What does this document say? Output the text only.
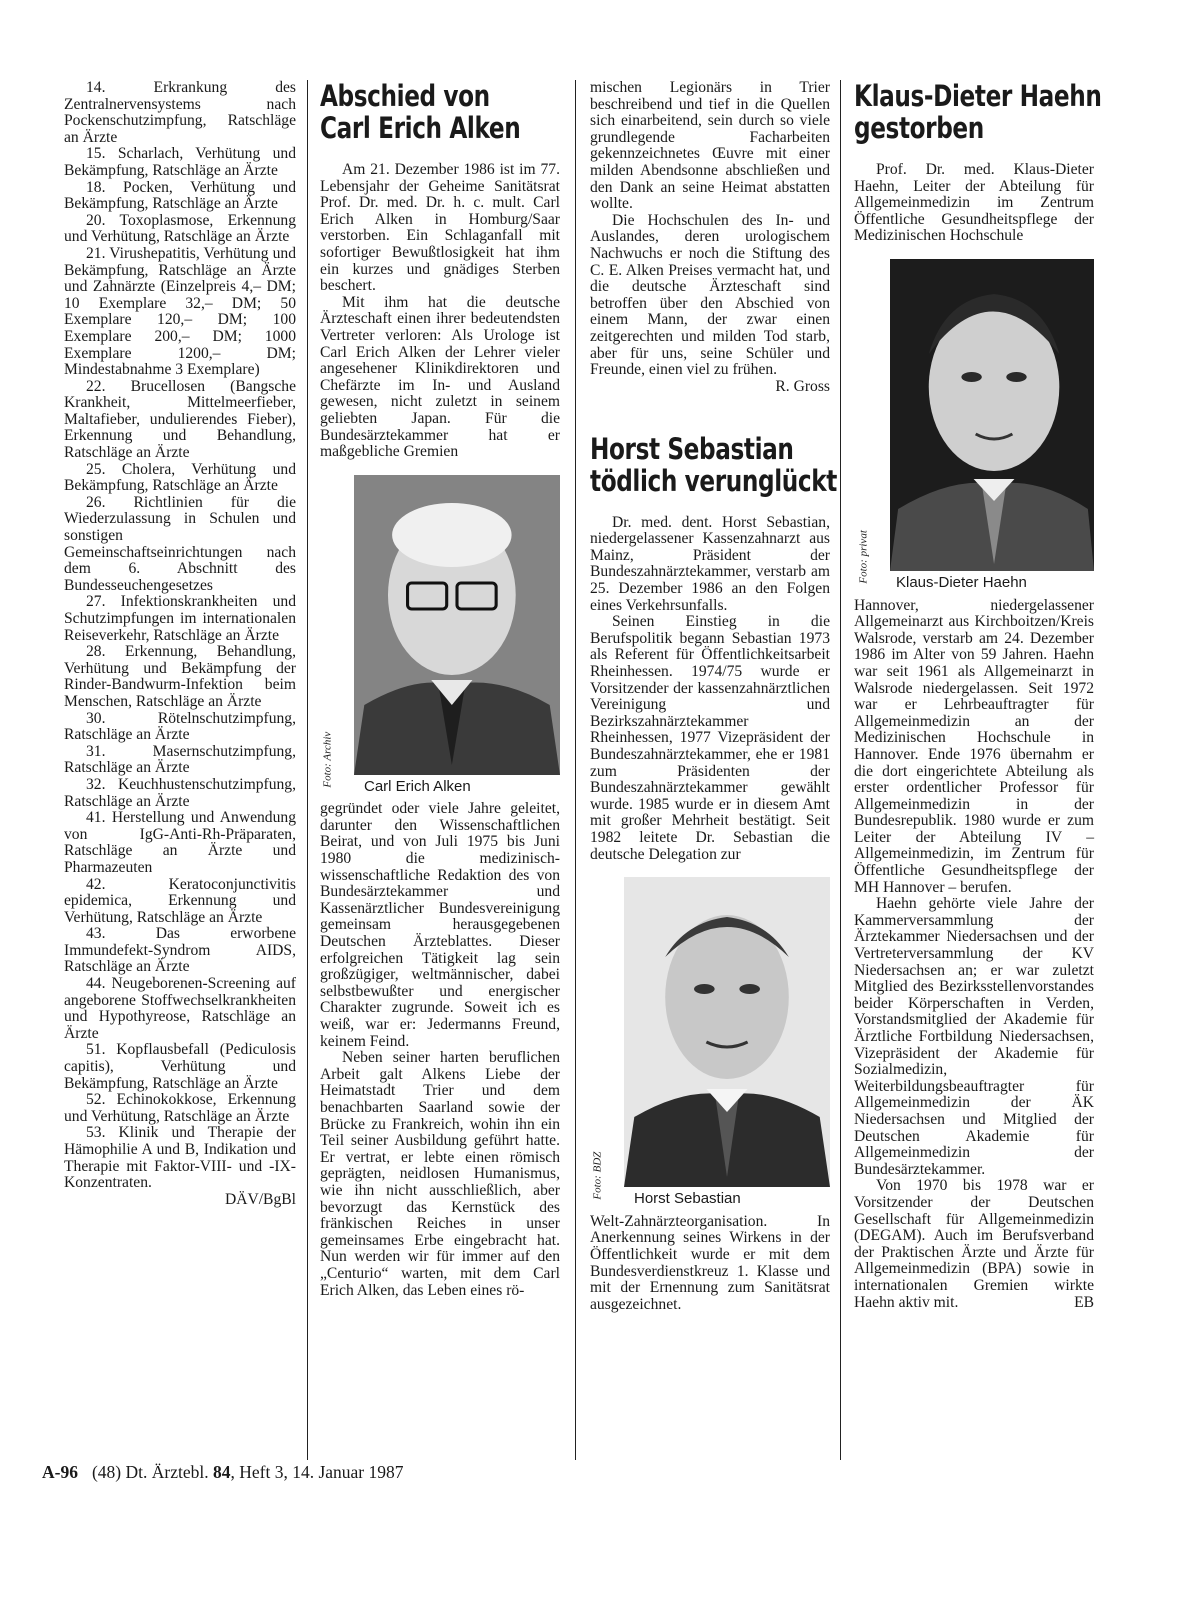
14. Erkrankung des Zentralnervensystems nach Pockenschutzimpfung, Ratschläge an Ärzte

15. Scharlach, Verhütung und Bekämpfung, Ratschläge an Ärzte

18. Pocken, Verhütung und Bekämpfung, Ratschläge an Ärzte

20. Toxoplasmose, Erkennung und Verhütung, Ratschläge an Ärzte

21. Virushepatitis, Verhütung und Bekämpfung, Ratschläge an Ärzte und Zahnärzte (Einzelpreis 4,– DM; 10 Exemplare 32,– DM; 50 Exemplare 120,– DM; 100 Exemplare 200,– DM; 1000 Exemplare 1200,– DM; Mindestabnahme 3 Exemplare)

22. Brucellosen (Bangsche Krankheit, Mittelmeerfieber, Maltafieber, undulierendes Fieber), Erkennung und Behandlung, Ratschläge an Ärzte

25. Cholera, Verhütung und Bekämpfung, Ratschläge an Ärzte

26. Richtlinien für die Wiederzulassung in Schulen und sonstigen Gemeinschaftseinrichtungen nach dem 6. Abschnitt des Bundesseuchengesetzes

27. Infektionskrankheiten und Schutzimpfungen im internationalen Reiseverkehr, Ratschläge an Ärzte

28. Erkennung, Behandlung, Verhütung und Bekämpfung der Rinder-Bandwurm-Infektion beim Menschen, Ratschläge an Ärzte

30. Rötelnschutzimpfung, Ratschläge an Ärzte

31. Masernschutzimpfung, Ratschläge an Ärzte

32. Keuchhustenschutzimpfung, Ratschläge an Ärzte

41. Herstellung und Anwendung von IgG-Anti-Rh-Präparaten, Ratschläge an Ärzte und Pharmazeuten

42. Keratoconjunctivitis epidemica, Erkennung und Verhütung, Ratschläge an Ärzte

43. Das erworbene Immundefekt-Syndrom AIDS, Ratschläge an Ärzte

44. Neugeborenen-Screening auf angeborene Stoffwechselkrankheiten und Hypothyreose, Ratschläge an Ärzte

51. Kopflausbefall (Pediculosis capitis), Verhütung und Bekämpfung, Ratschläge an Ärzte

52. Echinokokkose, Erkennung und Verhütung, Ratschläge an Ärzte

53. Klinik und Therapie der Hämophilie A und B, Indikation und Therapie mit Faktor-VIII- und -IX-Konzentraten.

DÄV/BgBl

Abschied von
Carl Erich Alken

Am 21. Dezember 1986 ist im 77. Lebensjahr der Geheime Sanitätsrat Prof. Dr. med. Dr. h. c. mult. Carl Erich Alken in Homburg/Saar verstorben. Ein Schlaganfall mit sofortiger Bewußtlosigkeit hat ihm ein kurzes und gnädiges Sterben beschert.

Mit ihm hat die deutsche Ärzteschaft einen ihrer bedeutendsten Vertreter verloren: Als Urologe ist Carl Erich Alken der Lehrer vieler angesehener Klinikdirektoren und Chefärzte im In- und Ausland gewesen, nicht zuletzt in seinem geliebten Japan. Für die Bundesärztekammer hat er maßgebliche Gremien

Foto: Archiv	Carl Erich Alken

gegründet oder viele Jahre geleitet, darunter den Wissenschaftlichen Beirat, und von Juli 1975 bis Juni 1980 die medizinisch-wissenschaftliche Redaktion des von Bundesärztekammer und Kassenärztlicher Bundesvereinigung gemeinsam herausgegebenen Deutschen Ärzteblattes. Dieser erfolgreichen Tätigkeit lag sein großzügiger, weltmännischer, dabei selbstbewußter und energischer Charakter zugrunde. Soweit ich es weiß, war er: Jedermanns Freund, keinem Feind.

Neben seiner harten beruflichen Arbeit galt Alkens Liebe der Heimatstadt Trier und dem benachbarten Saarland sowie der Brücke zu Frankreich, wohin ihn ein Teil seiner Ausbildung geführt hatte. Er vertrat, er lebte einen römisch geprägten, neidlosen Humanismus, wie ihn nicht ausschließlich, aber bevorzugt das Kernstück des fränkischen Reiches in unser gemeinsames Erbe eingebracht hat. Nun werden wir für immer auf den „Centurio“ warten, mit dem Carl Erich Alken, das Leben eines rö-

mischen Legionärs in Trier beschreibend und tief in die Quellen sich einarbeitend, sein durch so viele grundlegende Facharbeiten gekennzeichnetes Œuvre mit einer milden Abendsonne abschließen und den Dank an seine Heimat abstatten wollte.

Die Hochschulen des In- und Auslandes, deren urologischem Nachwuchs er noch die Stiftung des C. E. Alken Preises vermacht hat, und die deutsche Ärzteschaft sind betroffen über den Abschied von einem Mann, der zwar einen zeitgerechten und milden Tod starb, aber für uns, seine Schüler und Freunde, einen viel zu frühen.
R. Gross

Horst Sebastian
tödlich verunglückt

Dr. med. dent. Horst Sebastian, niedergelassener Kassenzahnarzt aus Mainz, Präsident der Bundeszahnärztekammer, verstarb am 25. Dezember 1986 an den Folgen eines Verkehrsunfalls.

Seinen Einstieg in die Berufspolitik begann Sebastian 1973 als Referent für Öffentlichkeitsarbeit Rheinhessen. 1974/75 wurde er Vorsitzender der kassenzahnärztlichen Vereinigung und Bezirkszahnärztekammer Rheinhessen, 1977 Vizepräsident der Bundeszahnärztekammer, ehe er 1981 zum Präsidenten der Bundeszahnärztekammer gewählt wurde. 1985 wurde er in diesem Amt mit großer Mehrheit bestätigt. Seit 1982 leitete Dr. Sebastian die deutsche Delegation zur

Foto: BDZ	Horst Sebastian

Welt-Zahnärzteorganisation. In Anerkennung seines Wirkens in der Öffentlichkeit wurde er mit dem Bundesverdienstkreuz 1. Klasse und mit der Ernennung zum Sanitätsrat ausgezeichnet.

Klaus-Dieter Haehn
gestorben

Prof. Dr. med. Klaus-Dieter Haehn, Leiter der Abteilung für Allgemeinmedizin im Zentrum Öffentliche Gesundheitspflege der Medizinischen Hochschule

Foto: privat	Klaus-Dieter Haehn

Hannover, niedergelassener Allgemeinarzt aus Kirchboitzen/Kreis Walsrode, verstarb am 24. Dezember 1986 im Alter von 59 Jahren. Haehn war seit 1961 als Allgemeinarzt in Walsrode niedergelassen. Seit 1972 war er Lehrbeauftragter für Allgemeinmedizin an der Medizinischen Hochschule in Hannover. Ende 1976 übernahm er die dort eingerichtete Abteilung als erster ordentlicher Professor für Allgemeinmedizin in der Bundesrepublik. 1980 wurde er zum Leiter der Abteilung IV – Allgemeinmedizin, im Zentrum für Öffentliche Gesundheitspflege der MH Hannover – berufen.

Haehn gehörte viele Jahre der Kammerversammlung der Ärztekammer Niedersachsen und der Vertreterversammlung der KV Niedersachsen an; er war zuletzt Mitglied des Bezirksstellenvorstandes beider Körperschaften in Verden, Vorstandsmitglied der Akademie für Ärztliche Fortbildung Niedersachsen, Vizepräsident der Akademie für Sozialmedizin, Weiterbildungsbeauftragter für Allgemeinmedizin der ÄK Niedersachsen und Mitglied der Deutschen Akademie für Allgemeinmedizin der Bundesärztekammer.

Von 1970 bis 1978 war er Vorsitzender der Deutschen Gesellschaft für Allgemeinmedizin (DEGAM). Auch im Berufsverband der Praktischen Ärzte und Ärzte für Allgemeinmedizin (BPA) sowie in internationalen Gremien wirkte Haehn aktiv mit.	EB

A-96 (48) Dt. Ärztebl. 84, Heft 3, 14. Januar 1987
